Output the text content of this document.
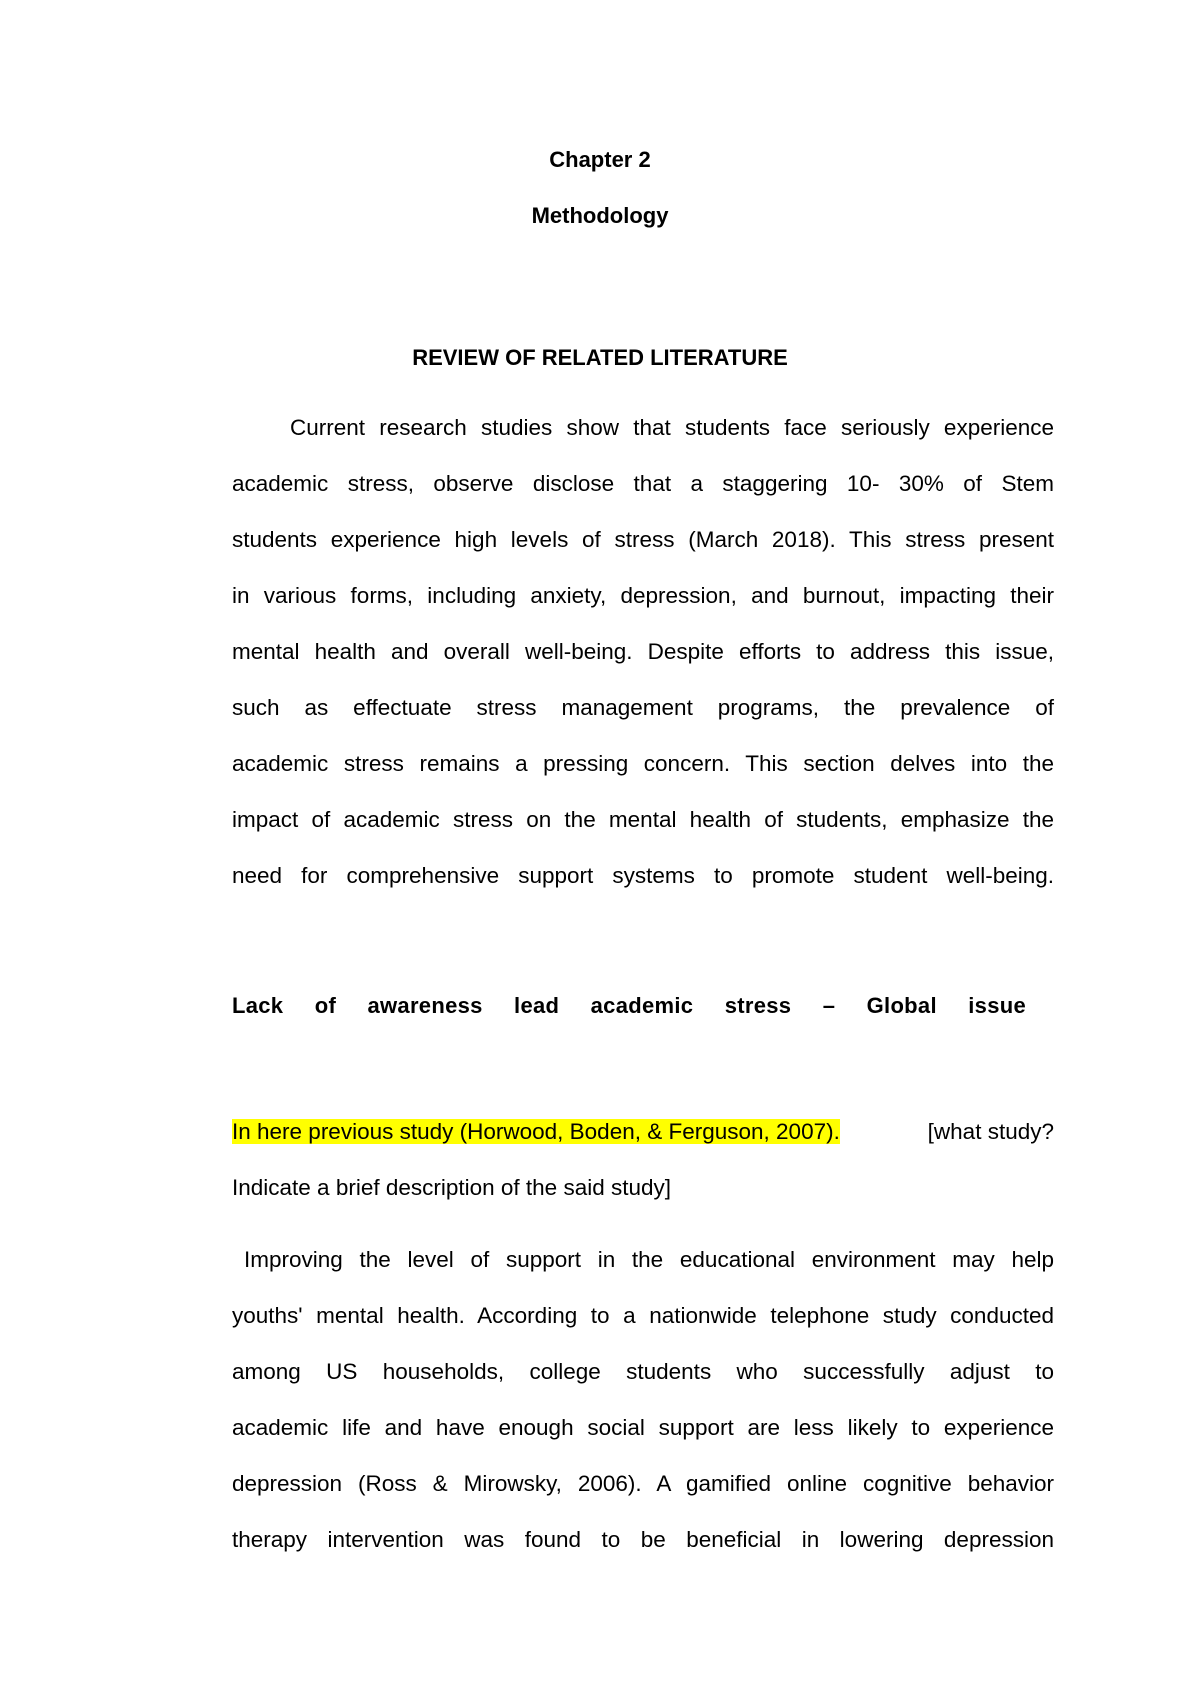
Chapter 2
Methodology
REVIEW OF RELATED LITERATURE
Current research studies show that students face seriously experience
academic stress, observe disclose that a staggering 10- 30% of Stem
students experience high levels of stress (March 2018). This stress present
in various forms, including anxiety, depression, and burnout, impacting their
mental health and overall well-being. Despite efforts to address this issue,
such as effectuate stress management programs, the prevalence of
academic stress remains a pressing concern. This section delves into the
impact of academic stress on the mental health of students, emphasize the
need for comprehensive support systems to promote student well-being.
Lack of awareness lead academic stress – Global issue
In here previous study (Horwood, Boden, & Ferguson, 2007).	[what study?
Indicate a brief description of the said study]
Improving the level of support in the educational environment may help
youths' mental health. According to a nationwide telephone study conducted
among US households, college students who successfully adjust to
academic life and have enough social support are less likely to experience
depression (Ross & Mirowsky, 2006). A gamified online cognitive behavior
therapy intervention was found to be beneficial in lowering depression
